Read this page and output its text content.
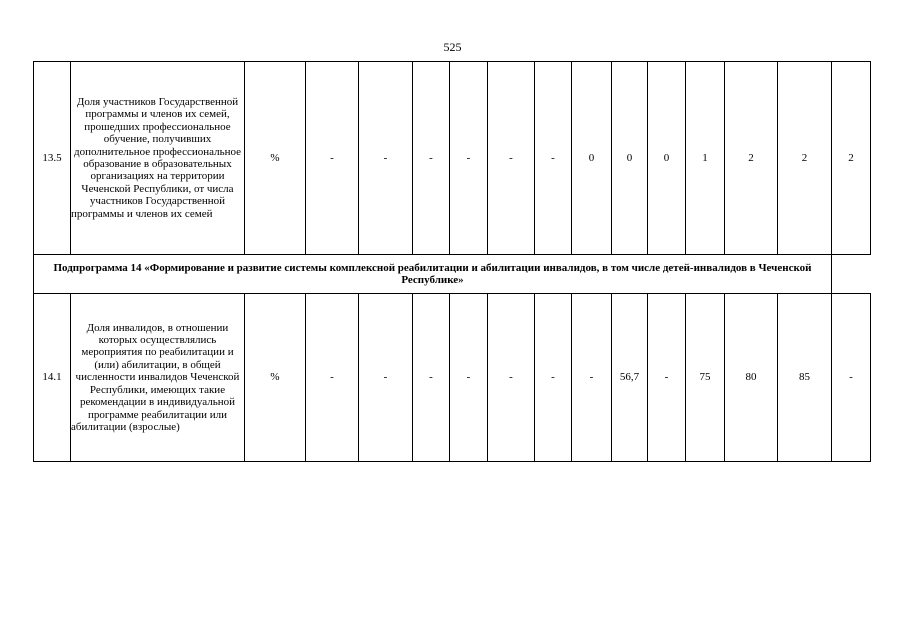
525
13.5	Доля участников Государственной программы и членов их семей, прошедших профессиональное обучение, получивших дополнительное профессиональное образование в образовательных организациях на территории Чеченской Республики, от числа участников Государственной программы и членов их семей	%	-	-	-	-	-	-	0	0	0	1	2	2	2
Подпрограмма 14 «Формирование и развитие системы комплексной реабилитации и абилитации инвалидов, в том числе детей-инвалидов в Чеченской Республике»															
14.1	Доля инвалидов, в отношении которых осуществлялись мероприятия по реабилитации и (или) абилитации, в общей численности инвалидов Чеченской Республики, имеющих такие рекомендации в индивидуальной программе реабилитации или абилитации (взрослые)	%	-	-	-	-	-	-	-	56,7	-	75	80	85	-
